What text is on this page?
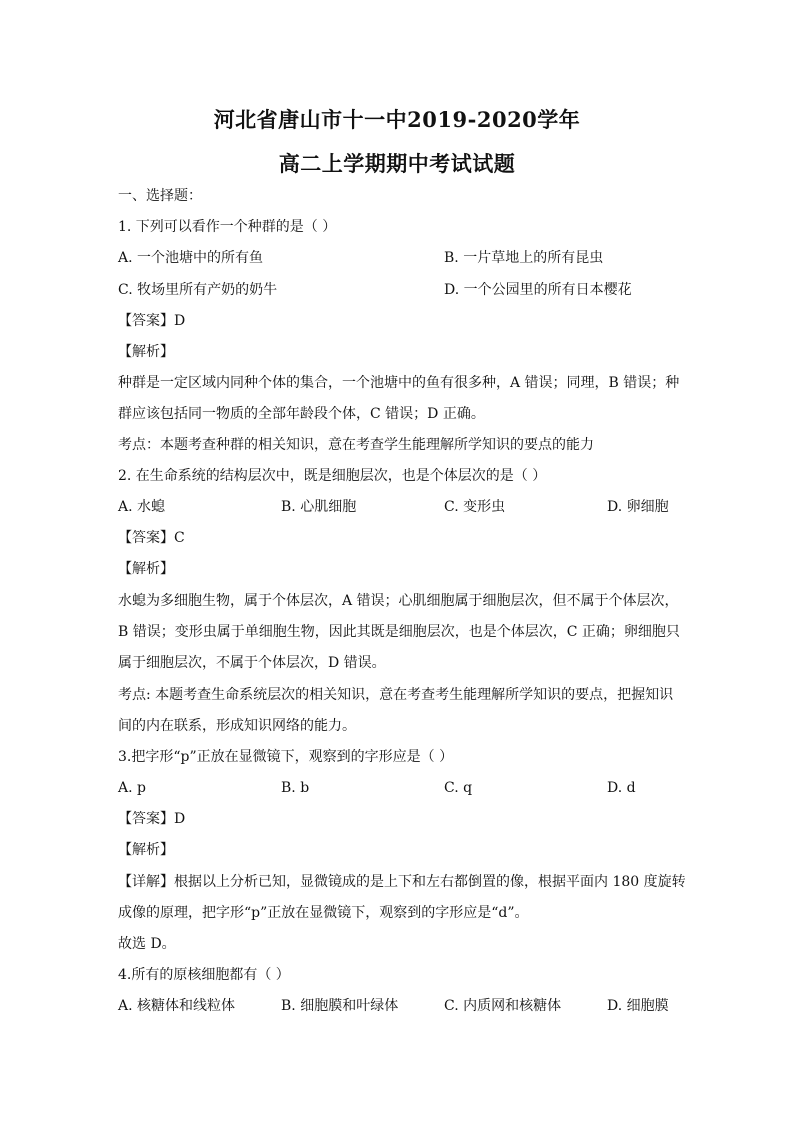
河北省唐山市十一中2019-2020学年
高二上学期期中考试试题
一、选择题：
1. 下列可以看作一个种群的是（ ）
A. 一个池塘中的所有鱼	B. 一片草地上的所有昆虫
C. 牧场里所有产奶的奶牛	D. 一个公园里的所有日本樱花
【答案】D
【解析】
种群是一定区域内同种个体的集合，一个池塘中的鱼有很多种，A 错误；同理，B 错误；种
群应该包括同一物质的全部年龄段个体，C 错误；D 正确。
考点：本题考查种群的相关知识，意在考查学生能理解所学知识的要点的能力
2. 在生命系统的结构层次中，既是细胞层次，也是个体层次的是（ ）
A. 水螅	B. 心肌细胞	C. 变形虫	D. 卵细胞
【答案】C
【解析】
水螅为多细胞生物，属于个体层次，A 错误；心肌细胞属于细胞层次，但不属于个体层次，
B 错误；变形虫属于单细胞生物，因此其既是细胞层次，也是个体层次，C 正确；卵细胞只
属于细胞层次，不属于个体层次，D 错误。
考点: 本题考查生命系统层次的相关知识，意在考查考生能理解所学知识的要点，把握知识
间的内在联系，形成知识网络的能力。
3.把字形“p”正放在显微镜下，观察到的字形应是（ ）
A. p	B. b	C. q	D. d
【答案】D
【解析】
【详解】根据以上分析已知，显微镜成的是上下和左右都倒置的像，根据平面内 180 度旋转
成像的原理，把字形“p”正放在显微镜下，观察到的字形应是“d”。
故选 D。
4.所有的原核细胞都有（ ）
A. 核糖体和线粒体	B. 细胞膜和叶绿体	C. 内质网和核糖体	D. 细胞膜
